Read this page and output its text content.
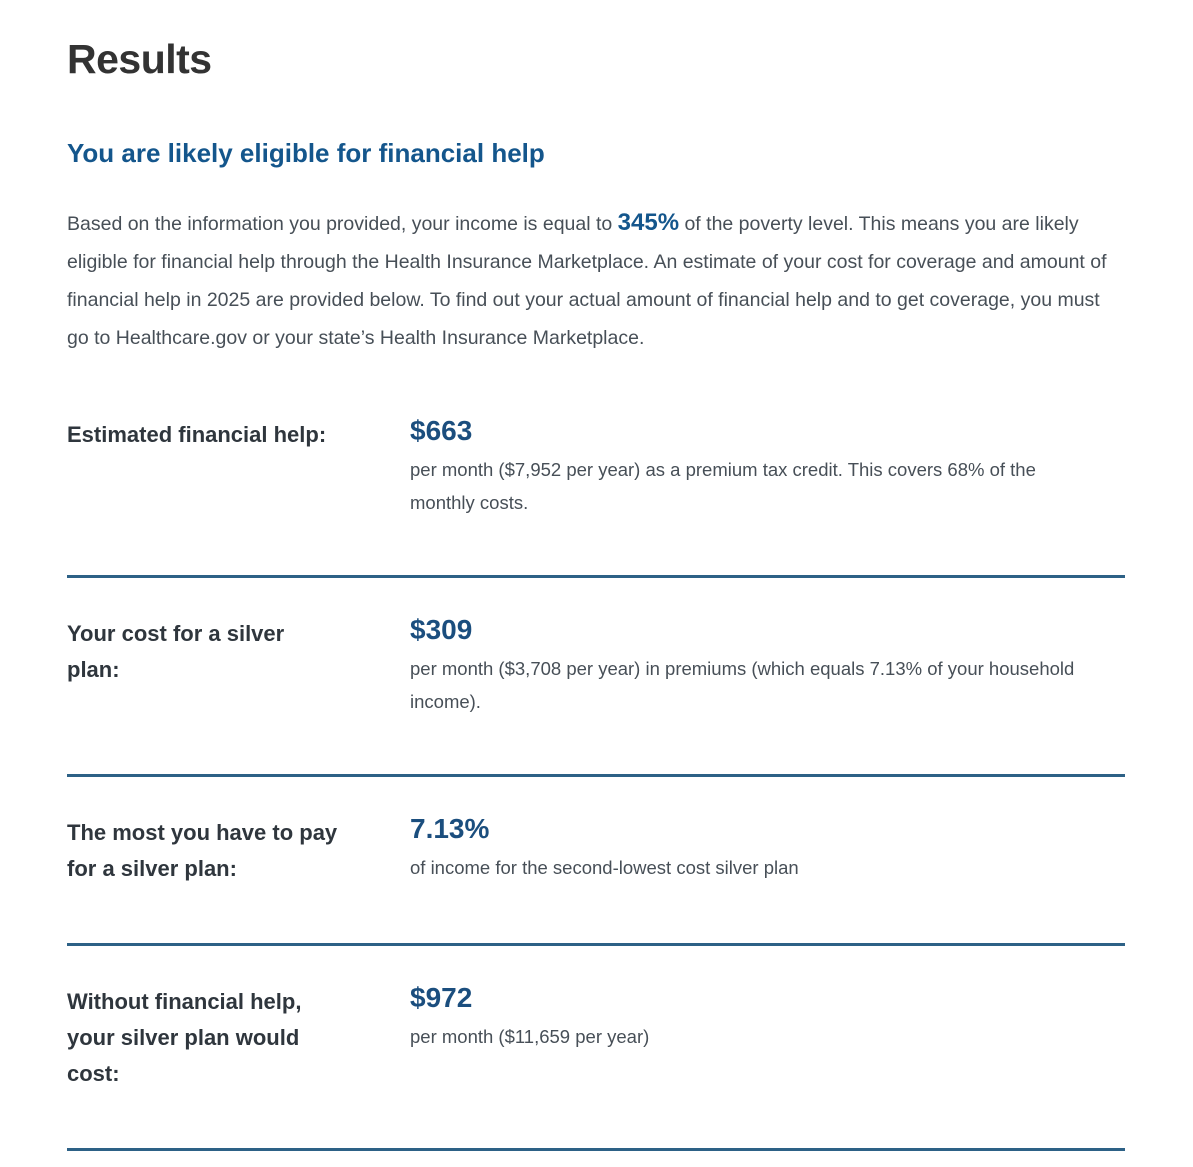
Results
You are likely eligible for financial help

Based on the information you provided, your income is equal to 345% of the poverty level. This means you are likely eligible for financial help through the Health Insurance Marketplace. An estimate of your cost for coverage and amount of financial help in 2025 are provided below. To find out your actual amount of financial help and to get coverage, you must go to Healthcare.gov or your state’s Health Insurance Marketplace.

Estimated financial help:	$663
per month ($7,952 per year) as a premium tax credit. This covers 68% of the monthly costs.
Your cost for a silver plan:
$309
per month ($3,708 per year) in premiums (which equals 7.13% of your household income).
The most you have to pay for a silver plan:
7.13%
of income for the second-lowest cost silver plan
Without financial help, your silver plan would cost:
$972
per month ($11,659 per year)
